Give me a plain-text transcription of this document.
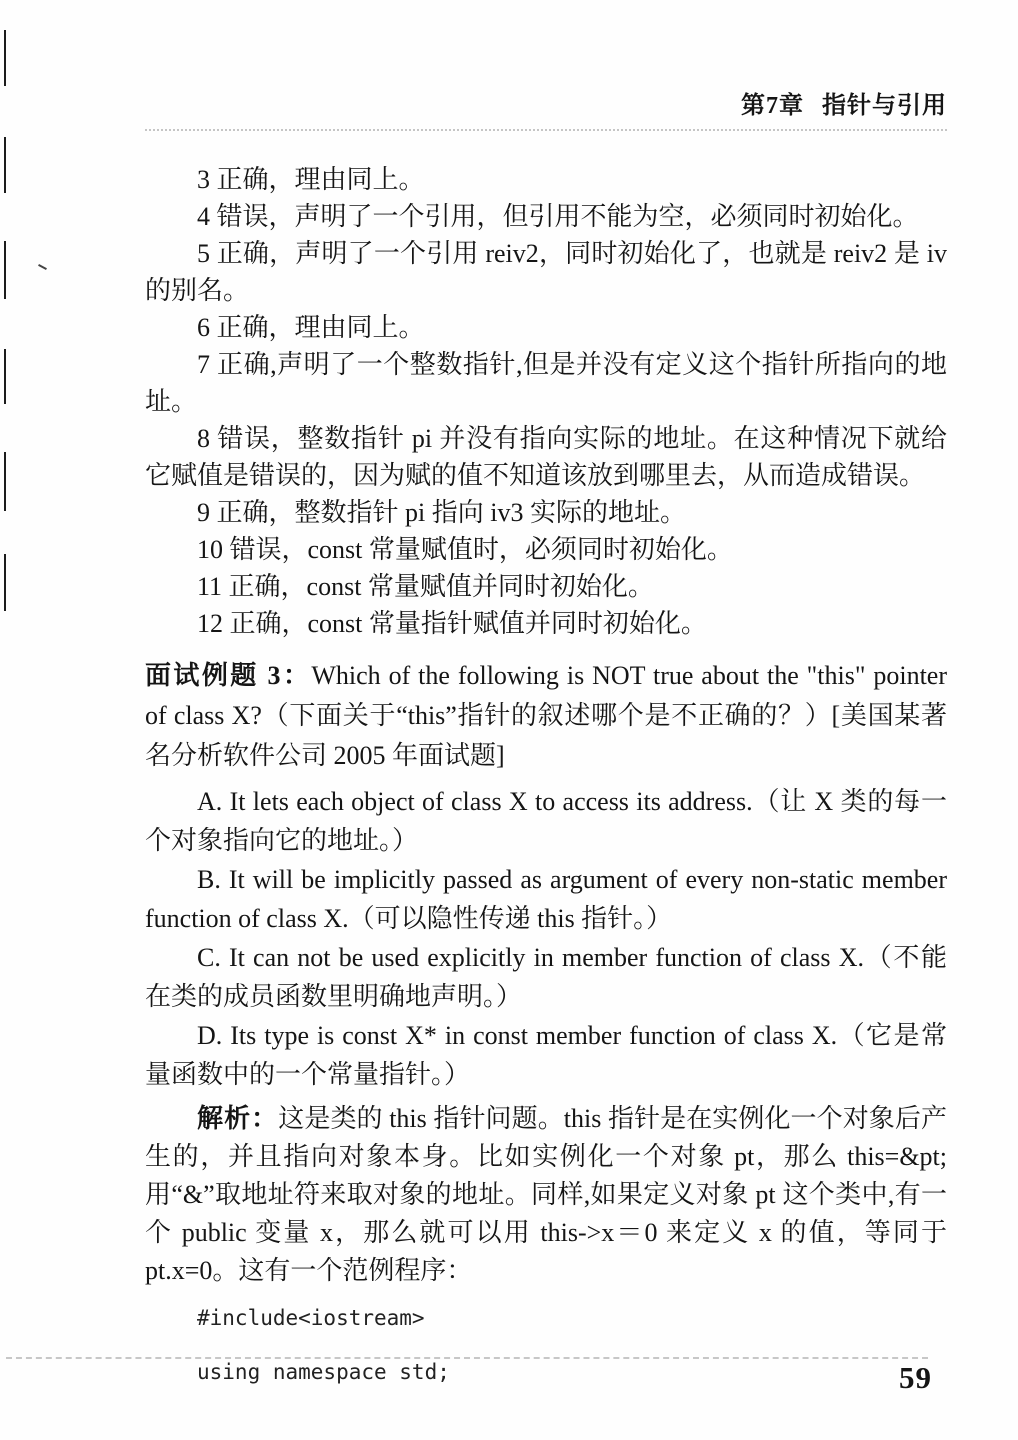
第7章 指针与引用

3 正确，理由同上。

4 错误，声明了一个引用，但引用不能为空，必须同时初始化。

5 正确，声明了一个引用 reiv2，同时初始化了，也就是 reiv2 是 iv 的别名。

6 正确，理由同上。

7 正确,声明了一个整数指针,但是并没有定义这个指针所指向的地址。

8 错误，整数指针 pi 并没有指向实际的地址。在这种情况下就给它赋值是错误的，因为赋的值不知道该放到哪里去，从而造成错误。

9 正确，整数指针 pi 指向 iv3 实际的地址。

10 错误，const 常量赋值时，必须同时初始化。

11 正确，const 常量赋值并同时初始化。

12 正确，const 常量指针赋值并同时初始化。

面试例题 3：Which of the following is NOT true about the "this" pointer of class X?（下面关于“this”指针的叙述哪个是不正确的？）[美国某著名分析软件公司 2005 年面试题]

A. It lets each object of class X to access its address.（让 X 类的每一个对象指向它的地址。）

B. It will be implicitly passed as argument of every non-static member function of class X.（可以隐性传递 this 指针。）

C. It can not be used explicitly in member function of class X.（不能在类的成员函数里明确地声明。）

D. Its type is const X* in const member function of class X.（它是常量函数中的一个常量指针。）

解析：这是类的 this 指针问题。this 指针是在实例化一个对象后产生的，并且指向对象本身。比如实例化一个对象 pt，那么 this=&pt;用“&”取地址符来取对象的地址。同样,如果定义对象 pt 这个类中,有一个 public 变量 x，那么就可以用 this->x＝0 来定义 x 的值，等同于 pt.x=0。这有一个范例程序：

#include<iostream>

using namespace std;	59
